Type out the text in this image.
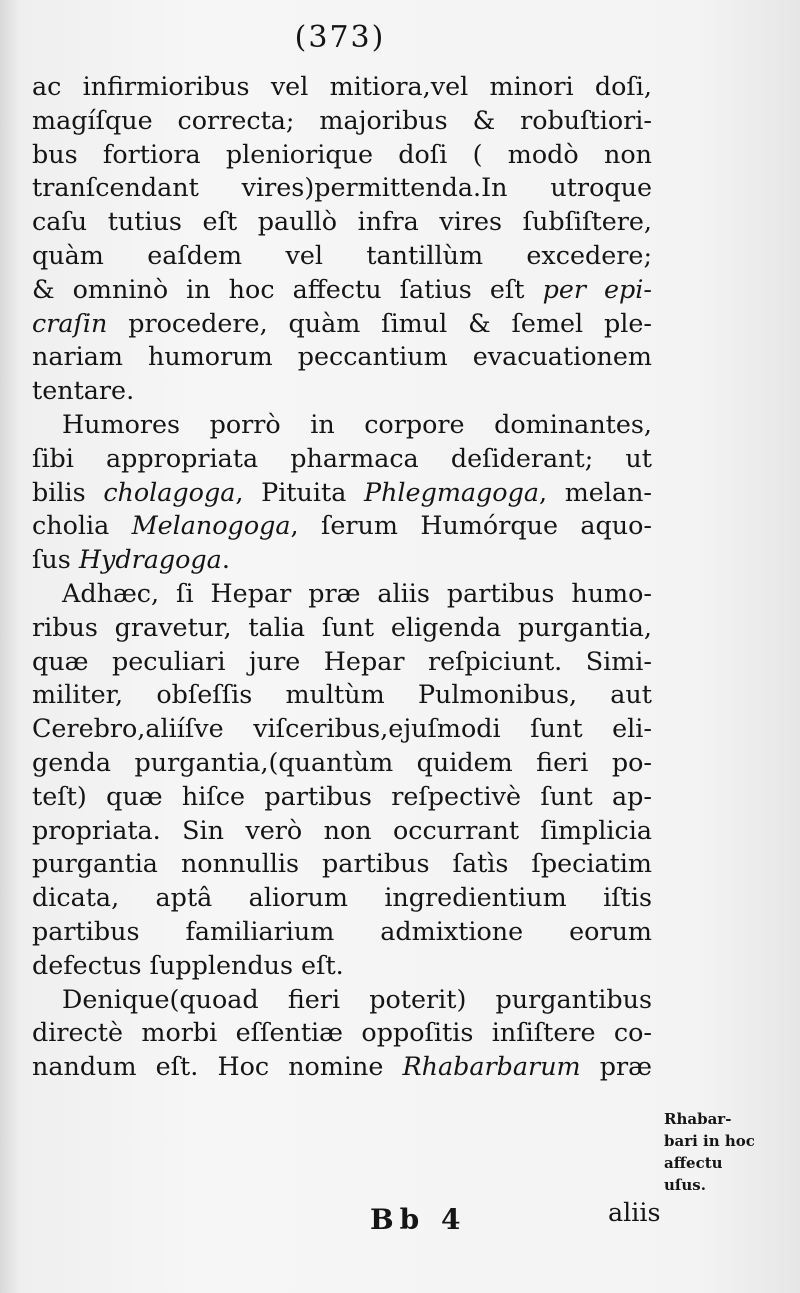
(373)
ac infirmioribus vel mitiora,vel minori doſi,
magíſque correcta; majoribus & robuſtiori-
bus fortiora pleniorique doſi ( modò non
tranſcendant vires)permittenda.In utroque
caſu tutius eſt paullò infra vires ſubſiſtere,
quàm eaſdem vel tantillùm excedere;
& omninò in hoc affectu ſatius eſt per epi-
craſin procedere, quàm ſimul & ſemel ple-
nariam humorum peccantium evacuationem
tentare.
Humores porrò in corpore dominantes,
ſibi appropriata pharmaca deſiderant; ut
bilis cholagoga, Pituita Phlegmagoga, melan-
cholia Melanogoga, ſerum Humórque aquo-
ſus Hydragoga.
Adhæc, ſi Hepar præ aliis partibus humo-
ribus gravetur, talia ſunt eligenda purgantia,
quæ peculiari jure Hepar reſpiciunt. Simi-
militer, obſeſſis multùm Pulmonibus, aut
Cerebro,aliíſve viſceribus,ejuſmodi ſunt eli-
genda purgantia,(quantùm quidem fieri po-
teſt) quæ hiſce partibus reſpectivè ſunt ap-
propriata. Sin verò non occurrant ſimplicia
purgantia nonnullis partibus ſatìs ſpeciatim
dicata, aptâ aliorum ingredientium iſtis
partibus familiarium admixtione eorum
defectus ſupplendus eſt.
Denique(quoad fieri poterit) purgantibus
directè morbi eſſentiæ oppoſitis inſiſtere co-
nandum eſt. Hoc nomine Rhabarbarum præ
Rhabar-
bari in hoc
affectu
uſus.
Bb 4	aliis
